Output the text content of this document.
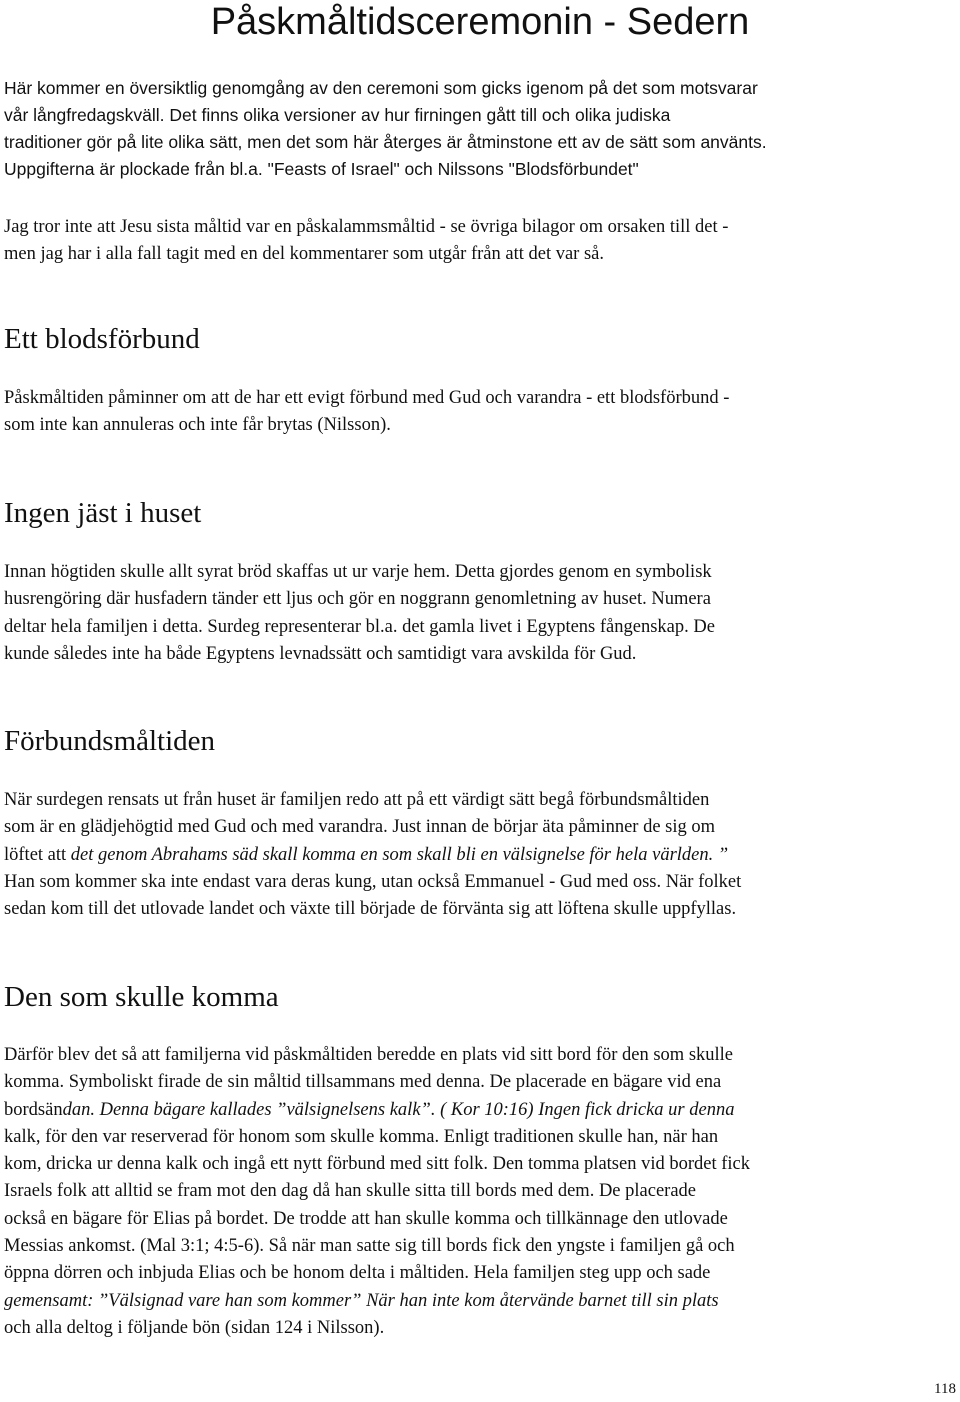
Påskmåltidsceremonin - Sedern

Här kommer en översiktlig genomgång av den ceremoni som gicks igenom på det som motsvarar
vår långfredagskväll. Det finns olika versioner av hur firningen gått till och olika judiska
traditioner gör på lite olika sätt, men det som här återges är åtminstone ett av de sätt som använts.
Uppgifterna är plockade från bl.a. "Feasts of Israel" och Nilssons "Blodsförbundet"

Jag tror inte att Jesu sista måltid var en påskalammsmåltid - se övriga bilagor om orsaken till det -
men jag har i alla fall tagit med en del kommentarer som utgår från att det var så.

Ett blodsförbund

Påskmåltiden påminner om att de har ett evigt förbund med Gud och varandra - ett blodsförbund -
som inte kan annuleras och inte får brytas (Nilsson).

Ingen jäst i huset

Innan högtiden skulle allt syrat bröd skaffas ut ur varje hem. Detta gjordes genom en symbolisk
husrengöring där husfadern tänder ett ljus och gör en noggrann genomletning av huset. Numera
deltar hela familjen i detta. Surdeg representerar bl.a. det gamla livet i Egyptens fångenskap. De
kunde således inte ha både Egyptens levnadssätt och samtidigt vara avskilda för Gud.

Förbundsmåltiden

När surdegen rensats ut från huset är familjen redo att på ett värdigt sätt begå förbundsmåltiden
som är en glädjehögtid med Gud och med varandra. Just innan de börjar äta påminner de sig om
löftet att det genom Abrahams säd skall komma en som skall bli en välsignelse för hela världen. ”
Han som kommer ska inte endast vara deras kung, utan också Emmanuel - Gud med oss. När folket
sedan kom till det utlovade landet och växte till började de förvänta sig att löftena skulle uppfyllas.

Den som skulle komma

Därför blev det så att familjerna vid påskmåltiden beredde en plats vid sitt bord för den som skulle
komma. Symboliskt firade de sin måltid tillsammans med denna. De placerade en bägare vid ena
bordsändan. Denna bägare kallades ”välsignelsens kalk”. ( Kor 10:16) Ingen fick dricka ur denna
kalk, för den var reserverad för honom som skulle komma. Enligt traditionen skulle han, när han
kom, dricka ur denna kalk och ingå ett nytt förbund med sitt folk. Den tomma platsen vid bordet fick
Israels folk att alltid se fram mot den dag då han skulle sitta till bords med dem. De placerade
också en bägare för Elias på bordet. De trodde att han skulle komma och tillkännage den utlovade
Messias ankomst. (Mal 3:1; 4:5-6). Så när man satte sig till bords fick den yngste i familjen gå och
öppna dörren och inbjuda Elias och be honom delta i måltiden. Hela familjen steg upp och sade
gemensamt: ”Välsignad vare han som kommer” När han inte kom återvände barnet till sin plats
och alla deltog i följande bön (sidan 124 i Nilsson).

118
